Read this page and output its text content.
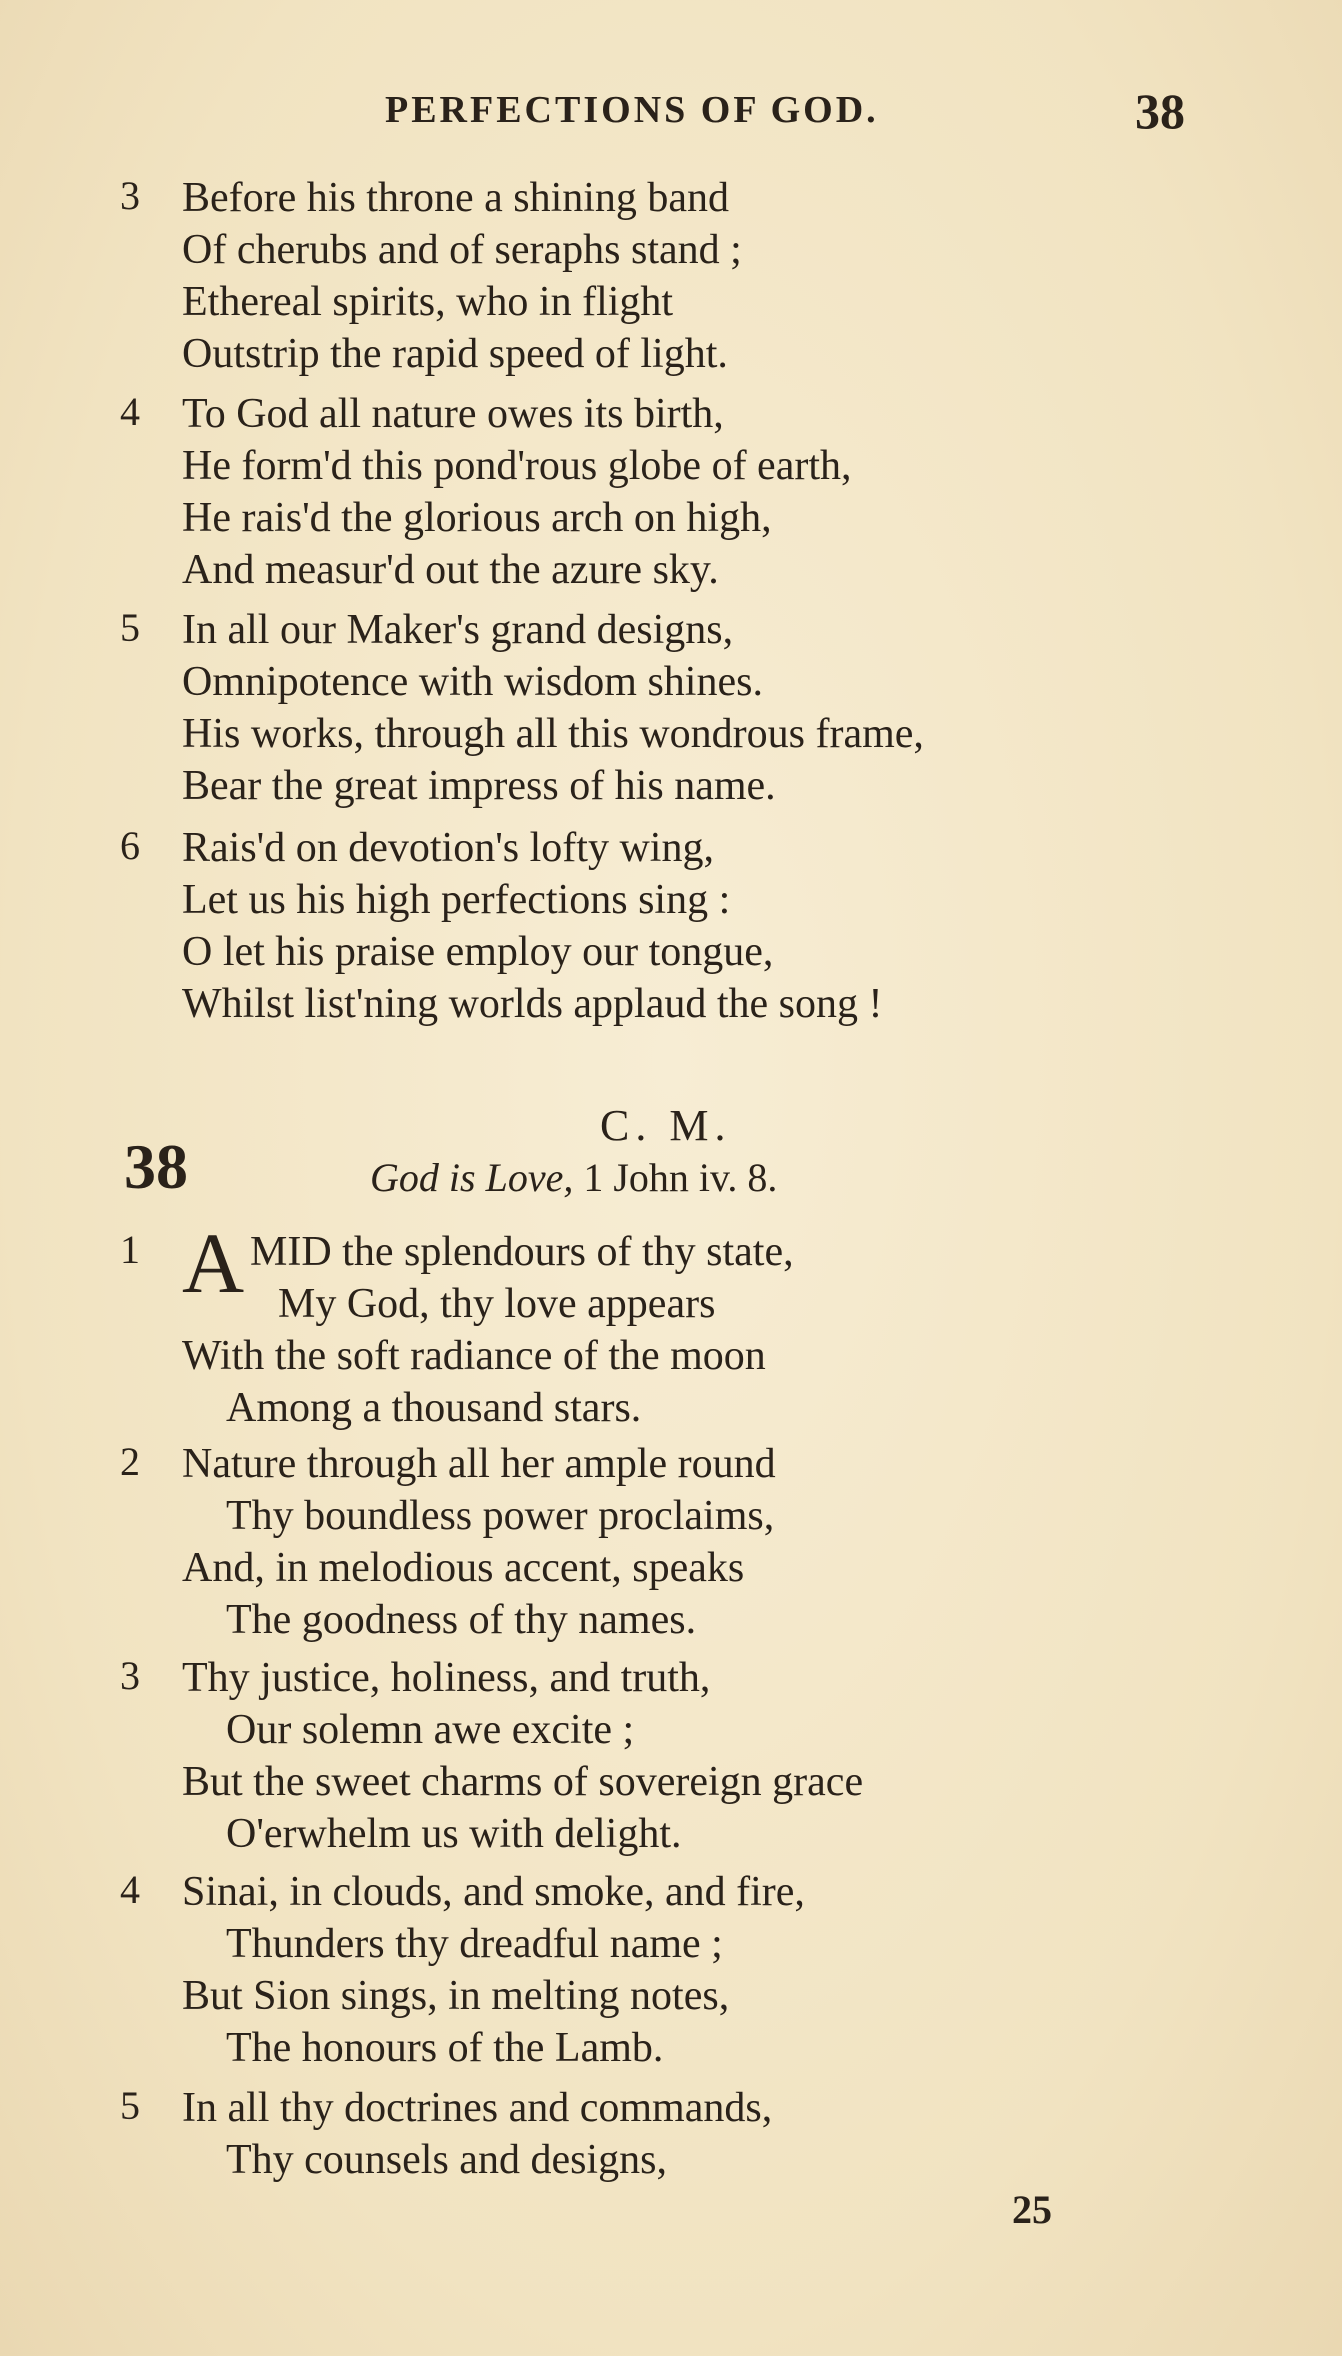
PERFECTIONS OF GOD.	38
3	Before his throne a shining band
Of cherubs and of seraphs stand ;
Ethereal spirits, who in flight
Outstrip the rapid speed of light.
4	To God all nature owes its birth,
He form'd this pond'rous globe of earth,
He rais'd the glorious arch on high,
And measur'd out the azure sky.
5	In all our Maker's grand designs,
Omnipotence with wisdom shines.
His works, through all this wondrous frame,
Bear the great impress of his name.
6	Rais'd on devotion's lofty wing,
Let us his high perfections sing :
O let his praise employ our tongue,
Whilst list'ning worlds applaud the song !
38
C. M.
God is Love, 1 John iv. 8.
1 A MID the splendours of thy state,
My God, thy love appears
With the soft radiance of the moon
Among a thousand stars.
2	Nature through all her ample round
Thy boundless power proclaims,
And, in melodious accent, speaks
The goodness of thy names.
3	Thy justice, holiness, and truth,
Our solemn awe excite ;
But the sweet charms of sovereign grace
O'erwhelm us with delight.
4	Sinai, in clouds, and smoke, and fire,
Thunders thy dreadful name ;
But Sion sings, in melting notes,
The honours of the Lamb.
5	In all thy doctrines and commands,
Thy counsels and designs,
25
